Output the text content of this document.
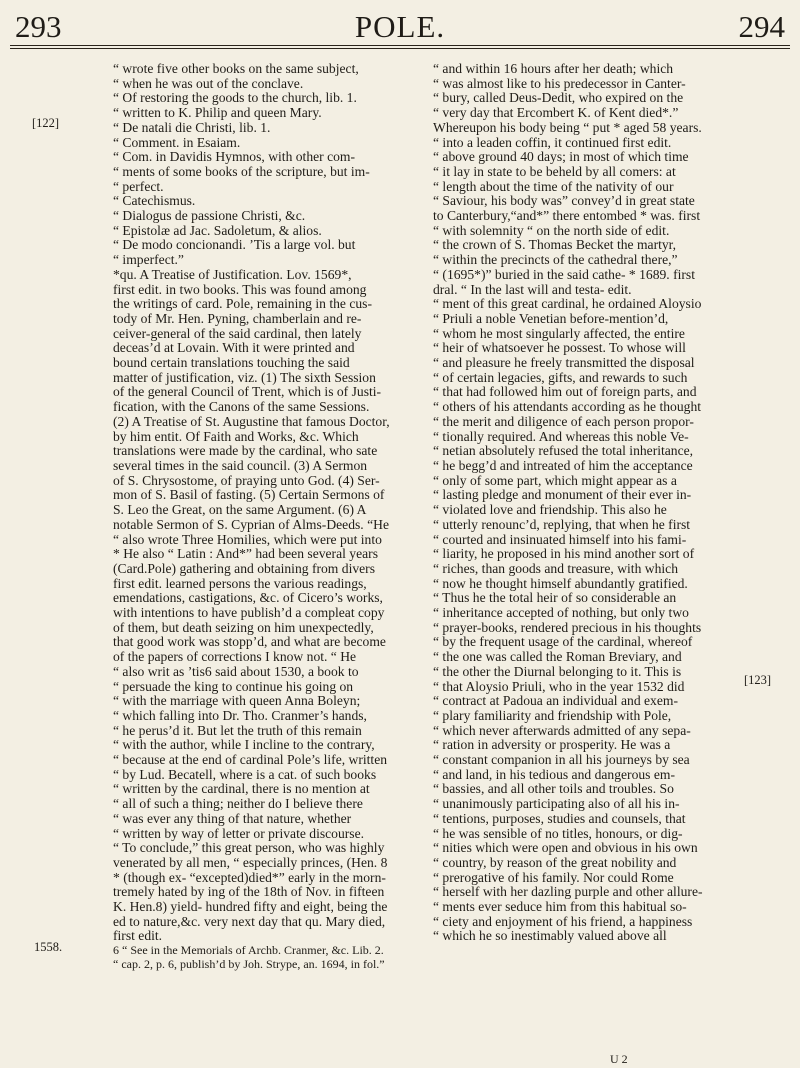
293	POLE.	294
[122]
1558.
[123]

“ wrote five other books on the same subject,

“ when he was out of the conclave.

“ Of restoring the goods to the church, lib. 1.

“ written to K. Philip and queen Mary.

“ De natali die Christi, lib. 1.

“ Comment. in Esaiam.

“ Com. in Davidis Hymnos, with other com-

“ ments of some books of the scripture, but im-

“ perfect.

“ Catechismus.

“ Dialogus de passione Christi, &c.

“ Epistolæ ad Jac. Sadoletum, & alios.

“ De modo concionandi. ’Tis a large vol. but

“ imperfect.”

*qu. A Treatise of Justification. Lov. 1569*,

first edit. in two books. This was found among

the writings of card. Pole, remaining in the cus-

tody of Mr. Hen. Pyning, chamberlain and re-

ceiver-general of the said cardinal, then lately

deceas’d at Lovain. With it were printed and

bound certain translations touching the said

matter of justification, viz. (1) The sixth Session

of the general Council of Trent, which is of Justi-

fication, with the Canons of the same Sessions.

(2) A Treatise of St. Augustine that famous Doctor,

by him entit. Of Faith and Works, &c. Which

translations were made by the cardinal, who sate

several times in the said council. (3) A Sermon

of S. Chrysostome, of praying unto God. (4) Ser-

mon of S. Basil of fasting. (5) Certain Sermons of

S. Leo the Great, on the same Argument. (6) A

notable Sermon of S. Cyprian of Alms-Deeds. “He

“ also wrote Three Homilies, which were put into

* He also “ Latin : And*” had been several years

(Card.Pole) gathering and obtaining from divers

first edit. learned persons the various readings,

emendations, castigations, &c. of Cicero’s works,

with intentions to have publish’d a compleat copy

of them, but death seizing on him unexpectedly,

that good work was stopp’d, and what are become

of the papers of corrections I know not. “ He

“ also writ as ’tis6 said about 1530, a book to

“ persuade the king to continue his going on

“ with the marriage with queen Anna Boleyn;

“ which falling into Dr. Tho. Cranmer’s hands,

“ he perus’d it. But let the truth of this remain

“ with the author, while I incline to the contrary,

“ because at the end of cardinal Pole’s life, written

“ by Lud. Becatell, where is a cat. of such books

“ written by the cardinal, there is no mention at

“ all of such a thing; neither do I believe there

“ was ever any thing of that nature, whether

“ written by way of letter or private discourse.

“ To conclude,” this great person, who was highly

venerated by all men, “ especially princes, (Hen. 8

* (though ex- “excepted)died*” early in the morn-

tremely hated by ing of the 18th of Nov. in fifteen

K. Hen.8) yield- hundred fifty and eight, being the

ed to nature,&c. very next day that qu. Mary died,

first edit.

6 “ See in the Memorials of Archb. Cranmer, &c. Lib. 2.

“ cap. 2, p. 6, publish’d by Joh. Strype, an. 1694, in fol.”

“ and within 16 hours after her death; which

“ was almost like to his predecessor in Canter-

“ bury, called Deus-Dedit, who expired on the

“ very day that Ercombert K. of Kent died*.”

Whereupon his body being “ put * aged 58 years.

“ into a leaden coffin, it continued first edit.

“ above ground 40 days; in most of which time

“ it lay in state to be beheld by all comers: at

“ length about the time of the nativity of our

“ Saviour, his body was” convey’d in great state

to Canterbury,“and*” there entombed * was. first

“ with solemnity “ on the north side of edit.

“ the crown of S. Thomas Becket the martyr,

“ within the precincts of the cathedral there,”

“ (1695*)” buried in the said cathe- * 1689. first

dral. “ In the last will and testa- edit.

“ ment of this great cardinal, he ordained Aloysio

“ Priuli a noble Venetian before-mention’d,

“ whom he most singularly affected, the entire

“ heir of whatsoever he possest. To whose will

“ and pleasure he freely transmitted the disposal

“ of certain legacies, gifts, and rewards to such

“ that had followed him out of foreign parts, and

“ others of his attendants according as he thought

“ the merit and diligence of each person propor-

“ tionally required. And whereas this noble Ve-

“ netian absolutely refused the total inheritance,

“ he begg’d and intreated of him the acceptance

“ only of some part, which might appear as a

“ lasting pledge and monument of their ever in-

“ violated love and friendship. This also he

“ utterly renounc’d, replying, that when he first

“ courted and insinuated himself into his fami-

“ liarity, he proposed in his mind another sort of

“ riches, than goods and treasure, with which

“ now he thought himself abundantly gratified.

“ Thus he the total heir of so considerable an

“ inheritance accepted of nothing, but only two

“ prayer-books, rendered precious in his thoughts

“ by the frequent usage of the cardinal, whereof

“ the one was called the Roman Breviary, and

“ the other the Diurnal belonging to it. This is

“ that Aloysio Priuli, who in the year 1532 did

“ contract at Padoua an individual and exem-

“ plary familiarity and friendship with Pole,

“ which never afterwards admitted of any sepa-

“ ration in adversity or prosperity. He was a

“ constant companion in all his journeys by sea

“ and land, in his tedious and dangerous em-

“ bassies, and all other toils and troubles. So

“ unanimously participating also of all his in-

“ tentions, purposes, studies and counsels, that

“ he was sensible of no titles, honours, or dig-

“ nities which were open and obvious in his own

“ country, by reason of the great nobility and

“ prerogative of his family. Nor could Rome

“ herself with her dazling purple and other allure-

“ ments ever seduce him from this habitual so-

“ ciety and enjoyment of his friend, a happiness

“ which he so inestimably valued above all

U 2
